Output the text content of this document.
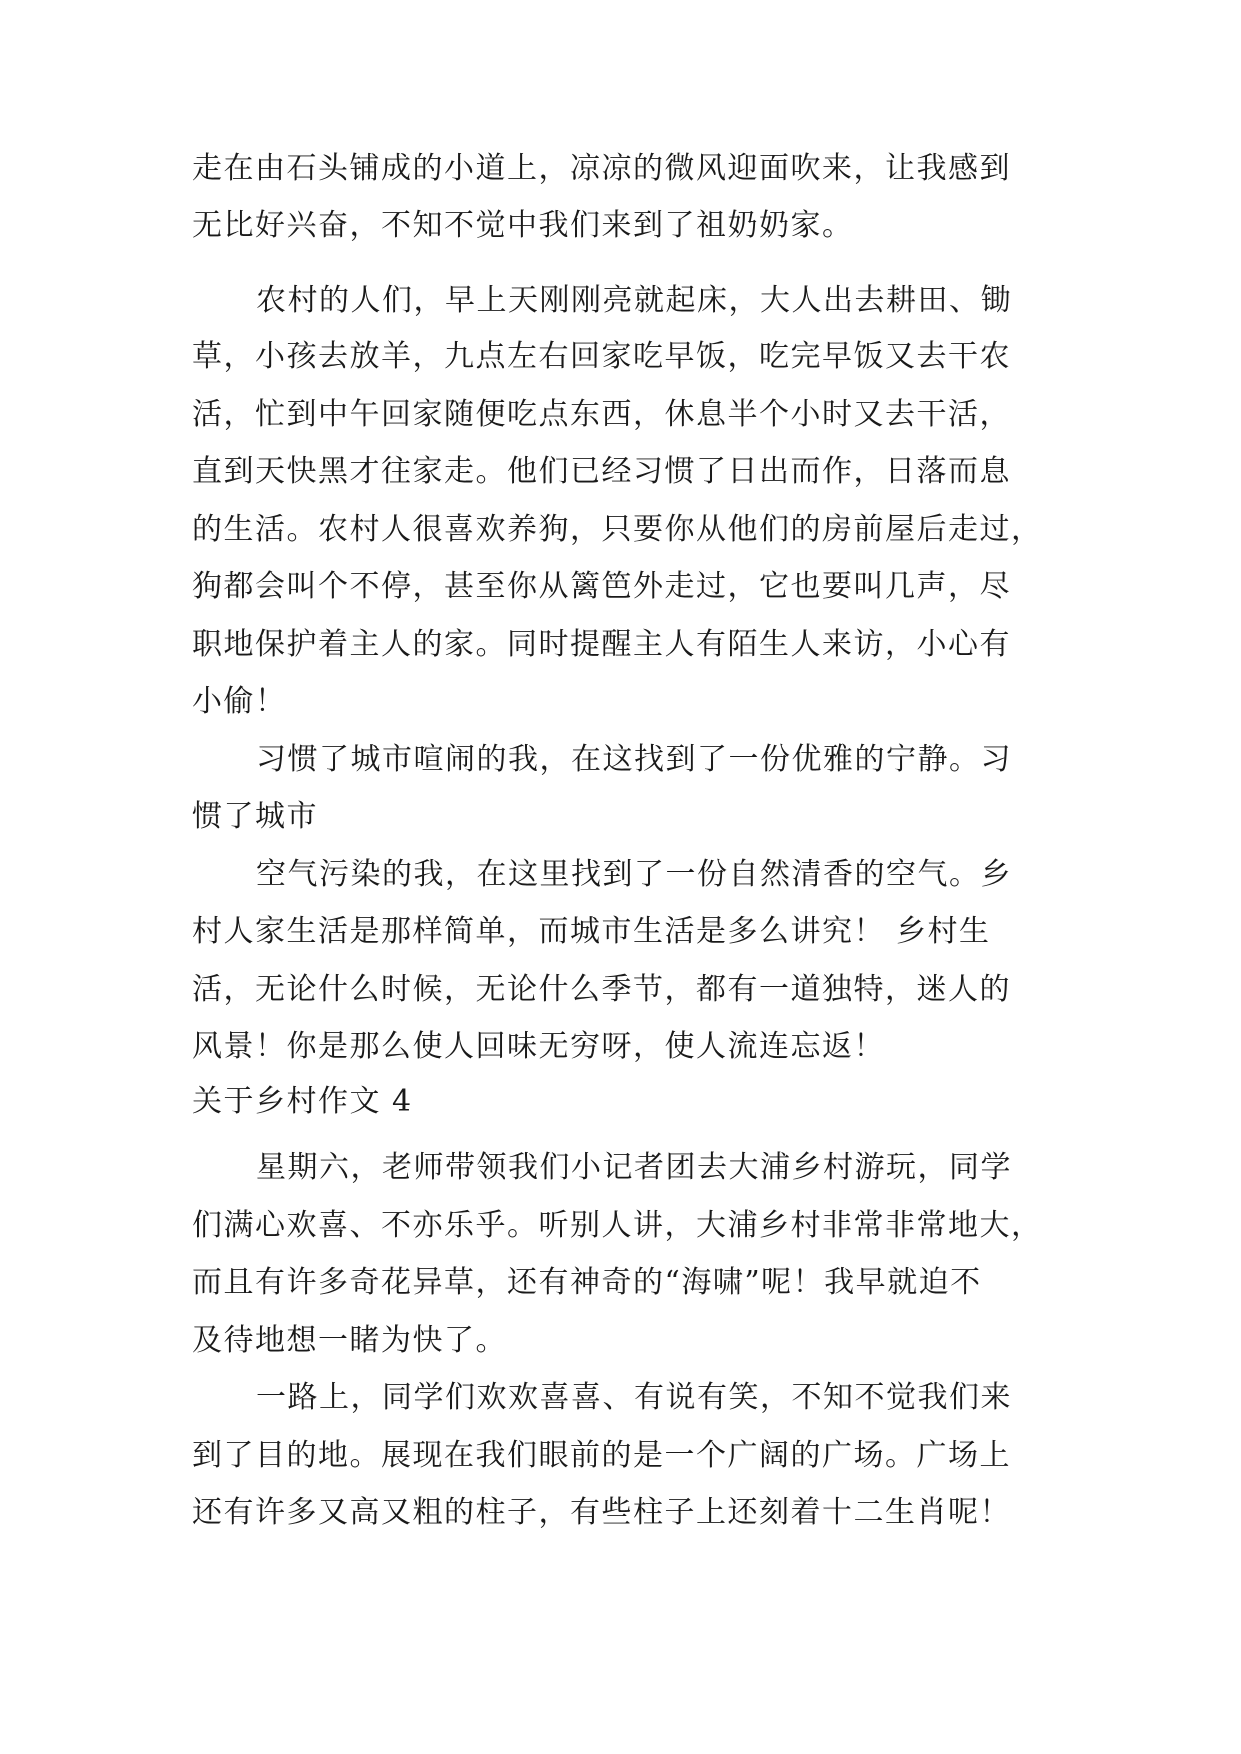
走在由石头铺成的小道上，凉凉的微风迎面吹来，让我感到
无比好兴奋，不知不觉中我们来到了祖奶奶家。
农村的人们，早上天刚刚亮就起床，大人出去耕田、锄
草，小孩去放羊，九点左右回家吃早饭，吃完早饭又去干农
活，忙到中午回家随便吃点东西，休息半个小时又去干活，
直到天快黑才往家走。他们已经习惯了日出而作，日落而息
的生活。农村人很喜欢养狗，只要你从他们的房前屋后走过，
狗都会叫个不停，甚至你从篱笆外走过，它也要叫几声，尽
职地保护着主人的家。同时提醒主人有陌生人来访，小心有
小偷！
习惯了城市喧闹的我，在这找到了一份优雅的宁静。习
惯了城市
空气污染的我，在这里找到了一份自然清香的空气。乡
村人家生活是那样简单，而城市生活是多么讲究！ 乡村生
活，无论什么时候，无论什么季节，都有一道独特，迷人的
风景！你是那么使人回味无穷呀，使人流连忘返！
关于乡村作文 4
星期六，老师带领我们小记者团去大浦乡村游玩，同学
们满心欢喜、不亦乐乎。听别人讲，大浦乡村非常非常地大，
而且有许多奇花异草，还有神奇的“海啸”呢！我早就迫不
及待地想一睹为快了。
一路上，同学们欢欢喜喜、有说有笑，不知不觉我们来
到了目的地。展现在我们眼前的是一个广阔的广场。广场上
还有许多又高又粗的柱子，有些柱子上还刻着十二生肖呢！
